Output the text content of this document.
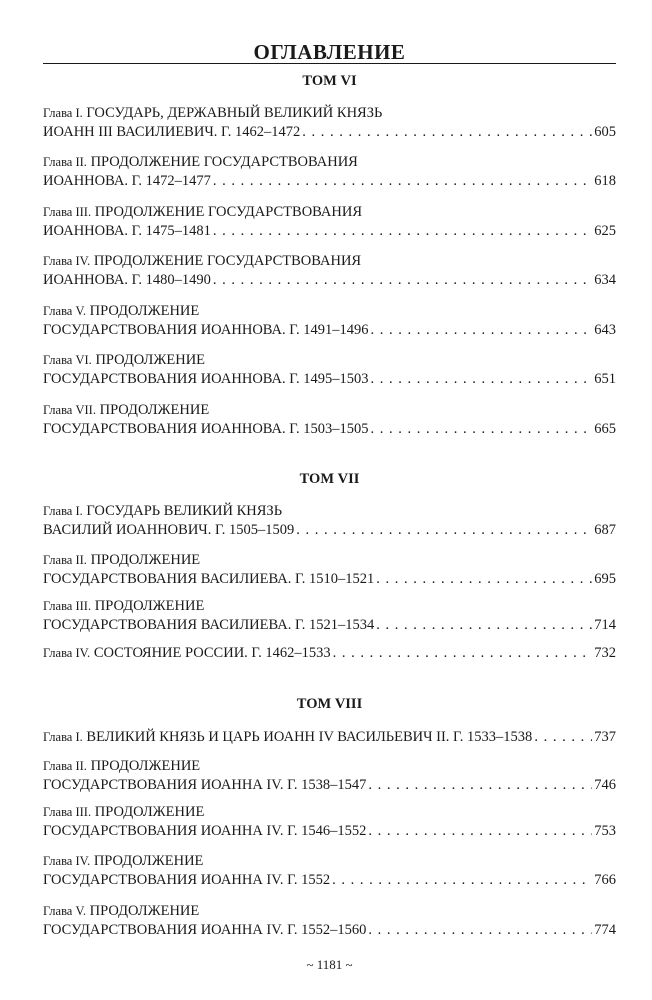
ОГЛАВЛЕНИЕ
ТОМ VI
Глава I. ГОСУДАРЬ, ДЕРЖАВНЫЙ ВЕЛИКИЙ КНЯЗЬ
ИОАНН III ВАСИЛИЕВИЧ. Г. 1462–1472 . . .	605
Глава II. ПРОДОЛЖЕНИЕ ГОСУДАРСТВОВАНИЯ
ИОАННОВА. Г. 1472–1477 . . .	618
Глава III. ПРОДОЛЖЕНИЕ ГОСУДАРСТВОВАНИЯ
ИОАННОВА. Г. 1475–1481 . . .	625
Глава IV. ПРОДОЛЖЕНИЕ ГОСУДАРСТВОВАНИЯ
ИОАННОВА. Г. 1480–1490 . . .	634
Глава V. ПРОДОЛЖЕНИЕ
ГОСУДАРСТВОВАНИЯ ИОАННОВА. Г. 1491–1496 . . .	643
Глава VI. ПРОДОЛЖЕНИЕ
ГОСУДАРСТВОВАНИЯ ИОАННОВА. Г. 1495–1503 . . .	651
Глава VII. ПРОДОЛЖЕНИЕ
ГОСУДАРСТВОВАНИЯ ИОАННОВА. Г. 1503–1505 . . .	665
ТОМ VII
Глава I. ГОСУДАРЬ ВЕЛИКИЙ КНЯЗЬ
ВАСИЛИЙ ИОАННОВИЧ. Г. 1505–1509 . . .	687
Глава II. ПРОДОЛЖЕНИЕ
ГОСУДАРСТВОВАНИЯ ВАСИЛИЕВА. Г. 1510–1521 . . .	695
Глава III. ПРОДОЛЖЕНИЕ
ГОСУДАРСТВОВАНИЯ ВАСИЛИЕВА. Г. 1521–1534 . . .	714
Глава IV.
СОСТОЯНИЕ РОССИИ. Г. 1462–1533 . . .	732
ТОМ VIII
Глава I.
ВЕЛИКИЙ КНЯЗЬ И ЦАРЬ ИОАНН IV ВАСИЛЬЕВИЧ II. Г. 1533–1538 . . .	737
Глава II. ПРОДОЛЖЕНИЕ
ГОСУДАРСТВОВАНИЯ ИОАННА IV. Г. 1538–1547 . . .	746
Глава III. ПРОДОЛЖЕНИЕ
ГОСУДАРСТВОВАНИЯ ИОАННА IV. Г. 1546–1552 . . .	753
Глава IV. ПРОДОЛЖЕНИЕ
ГОСУДАРСТВОВАНИЯ ИОАННА IV. Г. 1552 . . .	766
Глава V. ПРОДОЛЖЕНИЕ
ГОСУДАРСТВОВАНИЯ ИОАННА IV. Г. 1552–1560 . . .	774
~ 1181 ~
